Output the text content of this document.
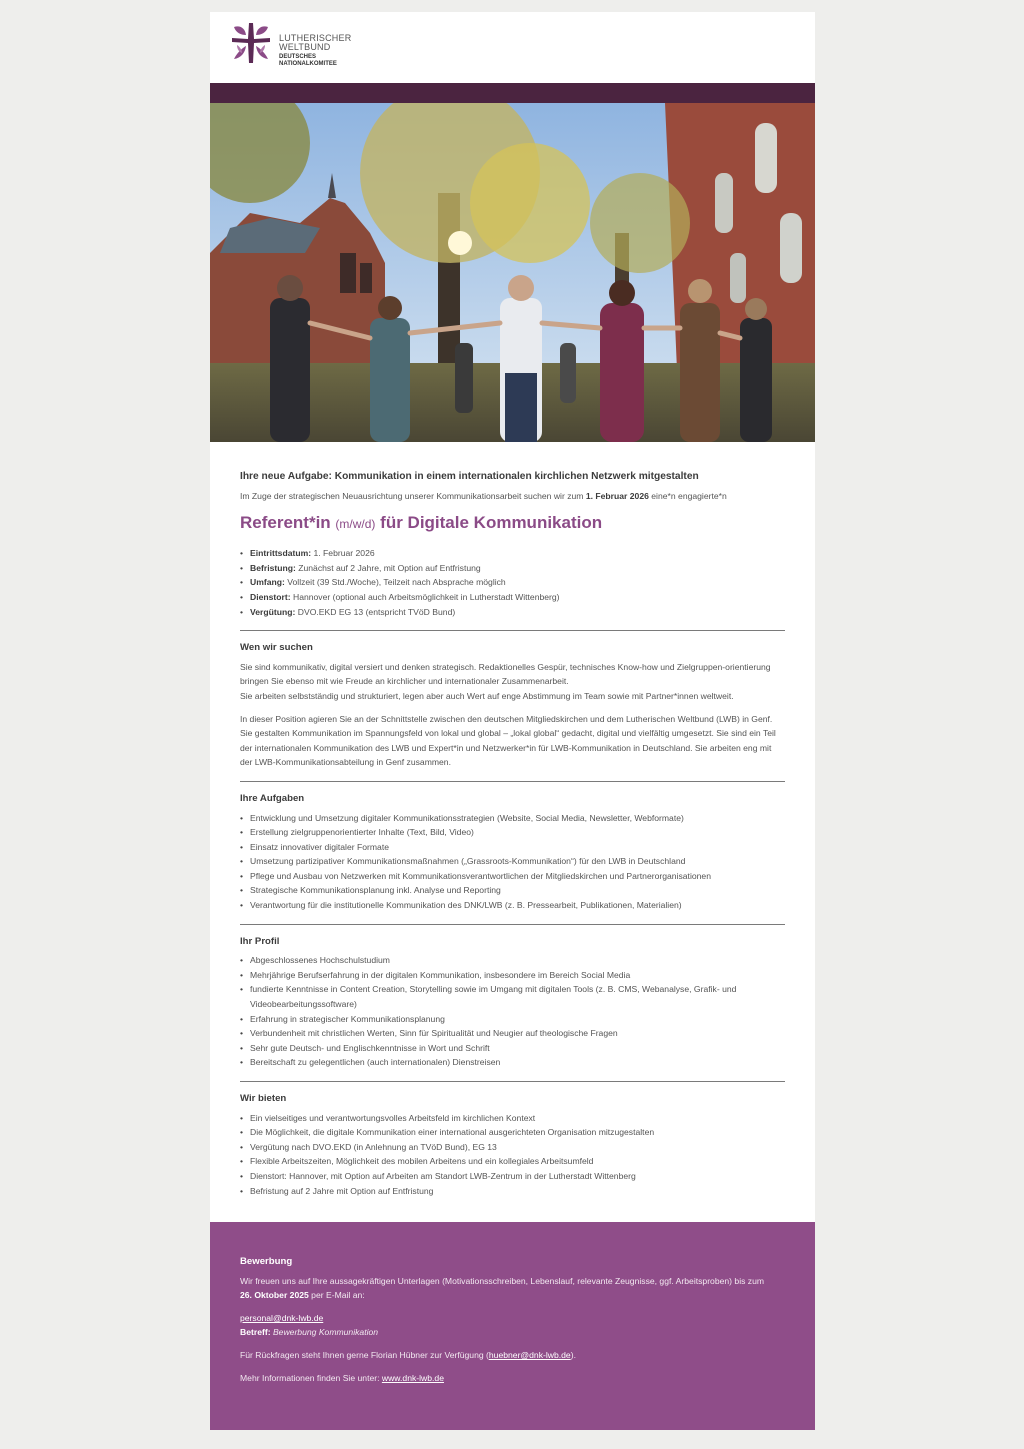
LUTHERISCHER
WELTBUND
DEUTSCHES
NATIONALKOMITEE
Ihre neue Aufgabe: Kommunikation in einem internationalen kirchlichen Netzwerk mitgestalten
Im Zuge der strategischen Neuausrichtung unserer Kommunikationsarbeit suchen wir zum 1. Februar 2026 eine*n engagierte*n
Referent*in (m/w/d) für Digitale Kommunikation
• Eintrittsdatum: 1. Februar 2026
• Befristung: Zunächst auf 2 Jahre, mit Option auf Entfristung
• Umfang: Vollzeit (39 Std./Woche), Teilzeit nach Absprache möglich
• Dienstort: Hannover (optional auch Arbeitsmöglichkeit in Lutherstadt Wittenberg)
• Vergütung: DVO.EKD EG 13 (entspricht TVöD Bund)
Wen wir suchen

Sie sind kommunikativ, digital versiert und denken strategisch. Redaktionelles Gespür, technisches Know-how und Zielgruppen-orientierung bringen Sie ebenso mit wie Freude an kirchlicher und internationaler Zusammenarbeit.
Sie arbeiten selbstständig und strukturiert, legen aber auch Wert auf enge Abstimmung im Team sowie mit Partner*innen weltweit.

In dieser Position agieren Sie an der Schnittstelle zwischen den deutschen Mitgliedskirchen und dem Lutherischen Weltbund (LWB) in Genf. Sie gestalten Kommunikation im Spannungsfeld von lokal und global – „lokal global“ gedacht, digital und vielfältig umgesetzt. Sie sind ein Teil der internationalen Kommunikation des LWB und Expert*in und Netzwerker*in für LWB-Kommunikation in Deutschland. Sie arbeiten eng mit der LWB-Kommunikationsabteilung in Genf zusammen.

Ihre Aufgaben
• Entwicklung und Umsetzung digitaler Kommunikationsstrategien (Website, Social Media, Newsletter, Webformate)
• Erstellung zielgruppenorientierter Inhalte (Text, Bild, Video)
• Einsatz innovativer digitaler Formate
• Umsetzung partizipativer Kommunikationsmaßnahmen („Grassroots-Kommunikation“) für den LWB in Deutschland
• Pflege und Ausbau von Netzwerken mit Kommunikationsverantwortlichen der Mitgliedskirchen und Partnerorganisationen
• Strategische Kommunikationsplanung inkl. Analyse und Reporting
• Verantwortung für die institutionelle Kommunikation des DNK/LWB (z. B. Pressearbeit, Publikationen, Materialien)
Ihr Profil
• Abgeschlossenes Hochschulstudium
• Mehrjährige Berufserfahrung in der digitalen Kommunikation, insbesondere im Bereich Social Media
• fundierte Kenntnisse in Content Creation, Storytelling sowie im Umgang mit digitalen Tools (z. B. CMS, Webanalyse, Grafik- und Videobearbeitungssoftware)
• Erfahrung in strategischer Kommunikationsplanung
• Verbundenheit mit christlichen Werten, Sinn für Spiritualität und Neugier auf theologische Fragen
• Sehr gute Deutsch- und Englischkenntnisse in Wort und Schrift
• Bereitschaft zu gelegentlichen (auch internationalen) Dienstreisen
Wir bieten
• Ein vielseitiges und verantwortungsvolles Arbeitsfeld im kirchlichen Kontext
• Die Möglichkeit, die digitale Kommunikation einer international ausgerichteten Organisation mitzugestalten
• Vergütung nach DVO.EKD (in Anlehnung an TVöD Bund), EG 13
• Flexible Arbeitszeiten, Möglichkeit des mobilen Arbeitens und ein kollegiales Arbeitsumfeld
• Dienstort: Hannover, mit Option auf Arbeiten am Standort LWB-Zentrum in der Lutherstadt Wittenberg
• Befristung auf 2 Jahre mit Option auf Entfristung
Bewerbung

Wir freuen uns auf Ihre aussagekräftigen Unterlagen (Motivationsschreiben, Lebenslauf, relevante Zeugnisse, ggf. Arbeitsproben) bis zum
26. Oktober 2025 per E-Mail an:

personal@dnk-lwb.de
Betreff: Bewerbung Kommunikation

Für Rückfragen steht Ihnen gerne Florian Hübner zur Verfügung (huebner@dnk-lwb.de).

Mehr Informationen finden Sie unter: www.dnk-lwb.de
